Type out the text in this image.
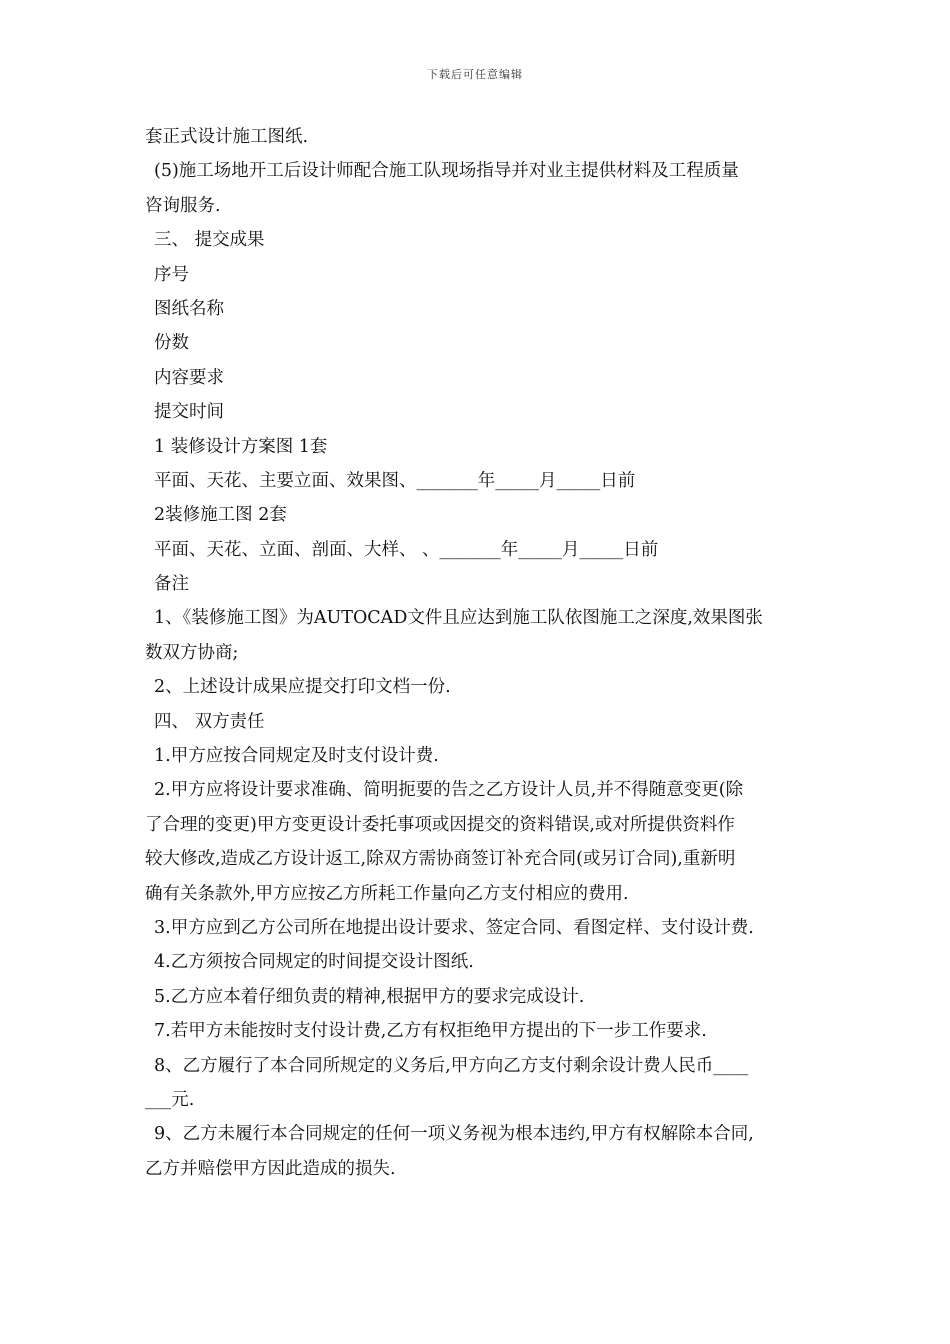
下载后可任意编辑
套正式设计施工图纸.
(5)施工场地开工后设计师配合施工队现场指导并对业主提供材料及工程质量
咨询服务.
三、 提交成果
序号
图纸名称
份数
内容要求
提交时间
1 装修设计方案图 1套
平面、天花、主要立面、效果图、_______年_____月_____日前
2装修施工图 2套
平面、天花、立面、剖面、大样、 、_______年_____月_____日前
备注
1、《装修施工图》为AUTOCAD文件且应达到施工队依图施工之深度,效果图张
数双方协商;
2、上述设计成果应提交打印文档一份.
四、 双方责任
1.甲方应按合同规定及时支付设计费.
2.甲方应将设计要求准确、简明扼要的告之乙方设计人员,并不得随意变更(除
了合理的变更)甲方变更设计委托事项或因提交的资料错误,或对所提供资料作
较大修改,造成乙方设计返工,除双方需协商签订补充合同(或另订合同),重新明
确有关条款外,甲方应按乙方所耗工作量向乙方支付相应的费用.
3.甲方应到乙方公司所在地提出设计要求、签定合同、看图定样、支付设计费.
4.乙方须按合同规定的时间提交设计图纸.
5.乙方应本着仔细负责的精神,根据甲方的要求完成设计.
7.若甲方未能按时支付设计费,乙方有权拒绝甲方提出的下一步工作要求.
8、乙方履行了本合同所规定的义务后,甲方向乙方支付剩余设计费人民币____
___元.
9、乙方未履行本合同规定的任何一项义务视为根本违约,甲方有权解除本合同,
乙方并赔偿甲方因此造成的损失.
